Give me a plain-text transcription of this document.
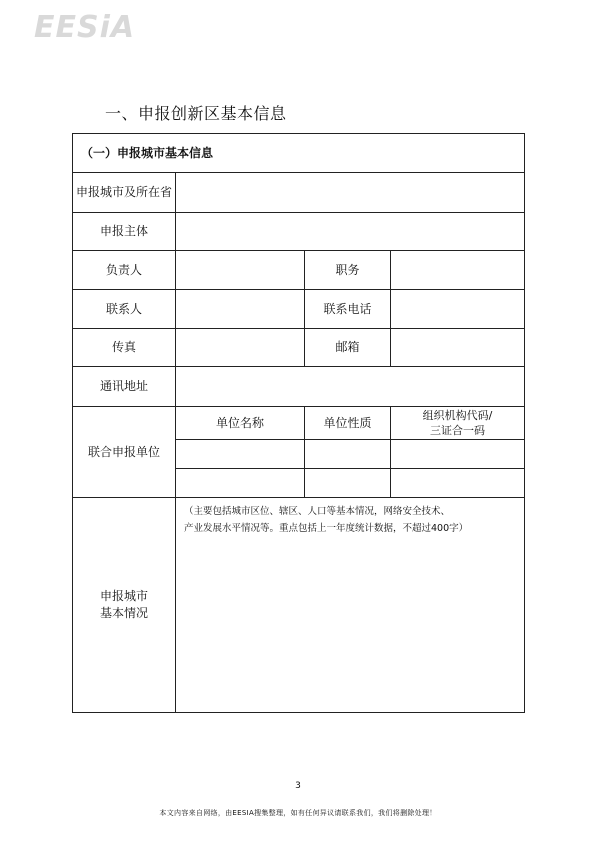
EESiA
一、申报创新区基本信息
（一）申报城市基本信息			
申报城市及所在省			
申报主体			
负责人		职务	
联系人		联系电话	
传真		邮箱	
通讯地址			
联合申报单位	单位名称	单位性质	组织机构代码/
三证合一码

申报城市
基本情况	（主要包括城市区位、辖区、人口等基本情况，网络安全技术、
产业发展水平情况等。重点包括上一年度统计数据，不超过400字）		
3
本文内容来自网络，由EESIA搜集整理，如有任何异议请联系我们，我们将删除处理！
